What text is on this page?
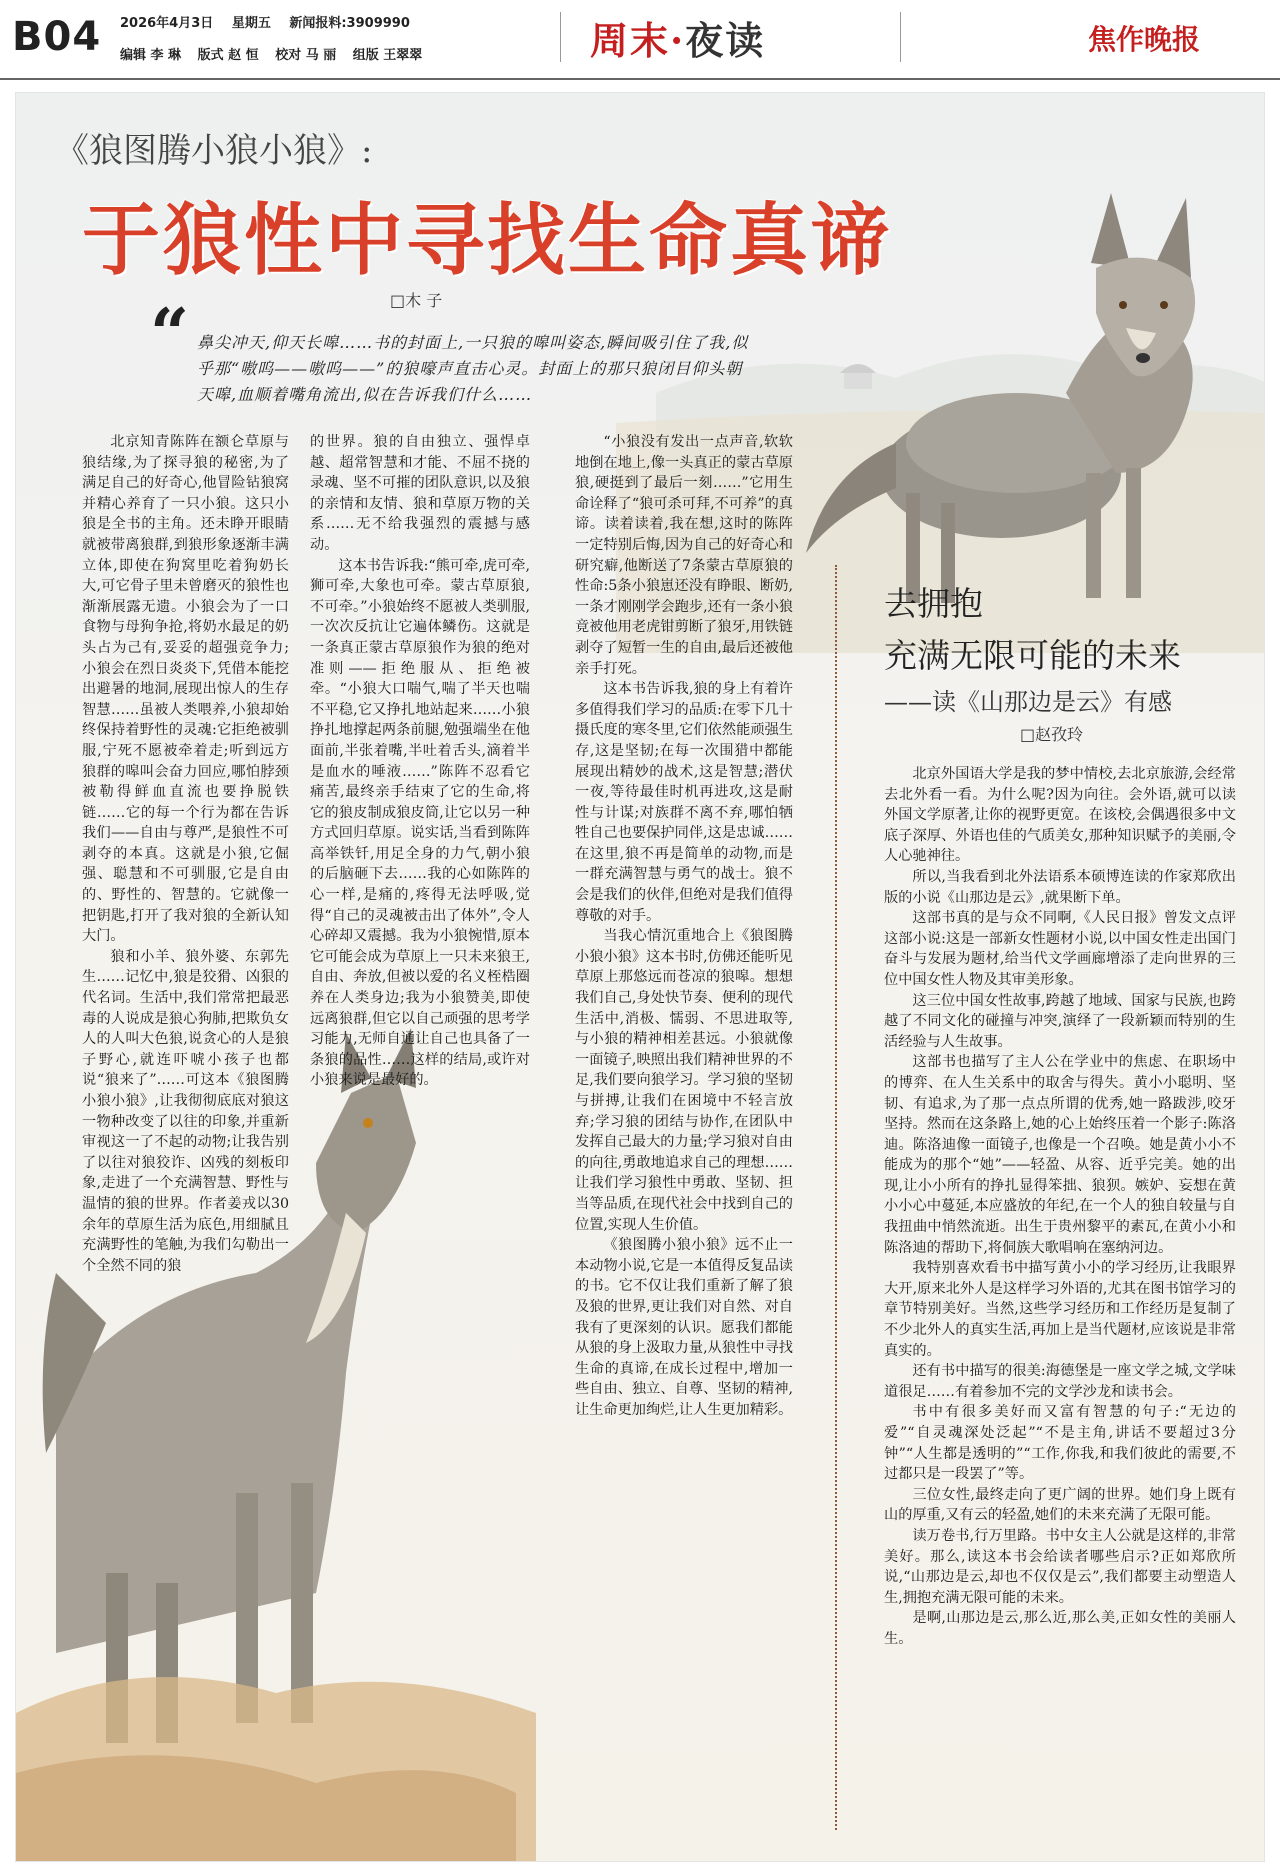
B04 2026年4月3日 星期五 新闻报料:3909990
编辑 李 琳 版式 赵 恒 校对 马 丽 组版 王翠翠	周末·夜读	焦作晚报
《狼图腾小狼小狼》:
于狼性中寻找生命真谛
□木 子
“ 鼻尖冲天,仰天长嗥……书的封面上,一只狼的嗥叫姿态,瞬间吸引住了我,似乎那“嗷呜——嗷呜——”的狼嚎声直击心灵。封面上的那只狼闭目仰头朝天嗥,血顺着嘴角流出,似在告诉我们什么……

北京知青陈阵在额仑草原与狼结缘,为了探寻狼的秘密,为了满足自己的好奇心,他冒险钻狼窝并精心养育了一只小狼。这只小狼是全书的主角。还未睁开眼睛就被带离狼群,到狼形象逐渐丰满立体,即使在狗窝里吃着狗奶长大,可它骨子里未曾磨灭的狼性也渐渐展露无遗。小狼会为了一口食物与母狗争抢,将奶水最足的奶头占为己有,妥妥的超强竞争力;小狼会在烈日炎炎下,凭借本能挖出避暑的地洞,展现出惊人的生存智慧……虽被人类喂养,小狼却始终保持着野性的灵魂:它拒绝被驯服,宁死不愿被牵着走;听到远方狼群的嗥叫会奋力回应,哪怕脖颈被勒得鲜血直流也要挣脱铁链……它的每一个行为都在告诉我们——自由与尊严,是狼性不可剥夺的本真。这就是小狼,它倔强、聪慧和不可驯服,它是自由的、野性的、智慧的。它就像一把钥匙,打开了我对狼的全新认知大门。

狼和小羊、狼外婆、东郭先生……记忆中,狼是狡猾、凶狠的代名词。生活中,我们常常把最恶毒的人说成是狼心狗肺,把欺负女人的人叫大色狼,说贪心的人是狼子野心,就连吓唬小孩子也都说“狼来了”……可这本《狼图腾小狼小狼》,让我彻彻底底对狼这一物种改变了以往的印象,并重新审视这一了不起的动物;让我告别了以往对狼狡诈、凶残的刻板印象,走进了一个充满智慧、野性与温情的狼的世界。作者姜戎以30余年的草原生活为底色,用细腻且充满野性的笔触,为我们勾勒出一个全然不同的狼

的世界。狼的自由独立、强悍卓越、超常智慧和才能、不屈不挠的录魂、坚不可摧的团队意识,以及狼的亲情和友情、狼和草原万物的关系……无不给我强烈的震撼与感动。

这本书告诉我:“熊可牵,虎可牵,狮可牵,大象也可牵。蒙古草原狼,不可牵。”小狼始终不愿被人类驯服,一次次反抗让它遍体鳞伤。这就是一条真正蒙古草原狼作为狼的绝对准则——拒绝服从、拒绝被牵。“小狼大口喘气,喘了半天也喘不平稳,它又挣扎地站起来……小狼挣扎地撑起两条前腿,勉强端坐在他面前,半张着嘴,半吐着舌头,滴着半是血水的唾液……”陈阵不忍看它痛苦,最终亲手结束了它的生命,将它的狼皮制成狼皮筒,让它以另一种方式回归草原。说实话,当看到陈阵高举铁钎,用足全身的力气,朝小狼的后脑砸下去……我的心如陈阵的心一样,是痛的,疼得无法呼吸,觉得“自己的灵魂被击出了体外”,令人心碎却又震撼。我为小狼惋惜,原本它可能会成为草原上一只未来狼王,自由、奔放,但被以爱的名义桎梏圈养在人类身边;我为小狼赞美,即使远离狼群,但它以自己顽强的思考学习能力,无师自通让自己也具备了一条狼的品性……这样的结局,或许对小狼来说是最好的。

“小狼没有发出一点声音,软软地倒在地上,像一头真正的蒙古草原狼,硬挺到了最后一刻……”它用生命诠释了“狼可杀可拜,不可养”的真谛。读着读着,我在想,这时的陈阵一定特别后悔,因为自己的好奇心和研究癖,他断送了7条蒙古草原狼的性命:5条小狼崽还没有睁眼、断奶,一条才刚刚学会跑步,还有一条小狼竟被他用老虎钳剪断了狼牙,用铁链剥夺了短暂一生的自由,最后还被他亲手打死。

这本书告诉我,狼的身上有着许多值得我们学习的品质:在零下几十摄氏度的寒冬里,它们依然能顽强生存,这是坚韧;在每一次围猎中都能展现出精妙的战术,这是智慧;潜伏一夜,等待最佳时机再进攻,这是耐性与计谋;对族群不离不弃,哪怕牺牲自己也要保护同伴,这是忠诚……在这里,狼不再是简单的动物,而是一群充满智慧与勇气的战士。狼不会是我们的伙伴,但绝对是我们值得尊敬的对手。

当我心情沉重地合上《狼图腾小狼小狼》这本书时,仿佛还能听见草原上那悠远而苍凉的狼嗥。想想我们自己,身处快节奏、便利的现代生活中,消极、懦弱、不思进取等,与小狼的精神相差甚远。小狼就像一面镜子,映照出我们精神世界的不足,我们要向狼学习。学习狼的坚韧与拼搏,让我们在困境中不轻言放弃;学习狼的团结与协作,在团队中发挥自己最大的力量;学习狼对自由的向往,勇敢地追求自己的理想……让我们学习狼性中勇敢、坚韧、担当等品质,在现代社会中找到自己的位置,实现人生价值。

《狼图腾小狼小狼》远不止一本动物小说,它是一本值得反复品读的书。它不仅让我们重新了解了狼及狼的世界,更让我们对自然、对自我有了更深刻的认识。愿我们都能从狼的身上汲取力量,从狼性中寻找生命的真谛,在成长过程中,增加一些自由、独立、自尊、坚韧的精神,让生命更加绚烂,让人生更加精彩。

去拥抱
充满无限可能的未来
——读《山那边是云》有感
□赵孜玲

北京外国语大学是我的梦中情校,去北京旅游,会经常去北外看一看。为什么呢?因为向往。会外语,就可以读外国文学原著,让你的视野更宽。在该校,会偶遇很多中文底子深厚、外语也佳的气质美女,那种知识赋予的美丽,令人心驰神往。

所以,当我看到北外法语系本硕博连读的作家郑欣出版的小说《山那边是云》,就果断下单。

这部书真的是与众不同啊,《人民日报》曾发文点评这部小说:这是一部新女性题材小说,以中国女性走出国门奋斗与发展为题材,给当代文学画廊增添了走向世界的三位中国女性人物及其审美形象。

这三位中国女性故事,跨越了地域、国家与民族,也跨越了不同文化的碰撞与冲突,演绎了一段新颖而特别的生活经验与人生故事。

这部书也描写了主人公在学业中的焦虑、在职场中的博弈、在人生关系中的取舍与得失。黄小小聪明、坚韧、有追求,为了那一点点所谓的优秀,她一路跋涉,咬牙坚持。然而在这条路上,她的心上始终压着一个影子:陈洛迪。陈洛迪像一面镜子,也像是一个召唤。她是黄小小不能成为的那个“她”——轻盈、从容、近乎完美。她的出现,让小小所有的挣扎显得笨拙、狼狈。嫉妒、妄想在黄小小心中蔓延,本应盛放的年纪,在一个人的独自较量与自我扭曲中悄然流逝。出生于贵州黎平的素瓦,在黄小小和陈洛迪的帮助下,将侗族大歌唱响在塞纳河边。

我特别喜欢看书中描写黄小小的学习经历,让我眼界大开,原来北外人是这样学习外语的,尤其在图书馆学习的章节特别美好。当然,这些学习经历和工作经历是复制了不少北外人的真实生活,再加上是当代题材,应该说是非常真实的。

还有书中描写的很美:海德堡是一座文学之城,文学味道很足……有着参加不完的文学沙龙和读书会。

书中有很多美好而又富有智慧的句子:“无边的爱”“自灵魂深处泛起”“不是主角,讲话不要超过3分钟”“人生都是透明的”“工作,你我,和我们彼此的需要,不过都只是一段罢了”等。

三位女性,最终走向了更广阔的世界。她们身上既有山的厚重,又有云的轻盈,她们的未来充满了无限可能。

读万卷书,行万里路。书中女主人公就是这样的,非常美好。那么,读这本书会给读者哪些启示?正如郑欣所说,“山那边是云,却也不仅仅是云”,我们都要主动塑造人生,拥抱充满无限可能的未来。

是啊,山那边是云,那么近,那么美,正如女性的美丽人生。
